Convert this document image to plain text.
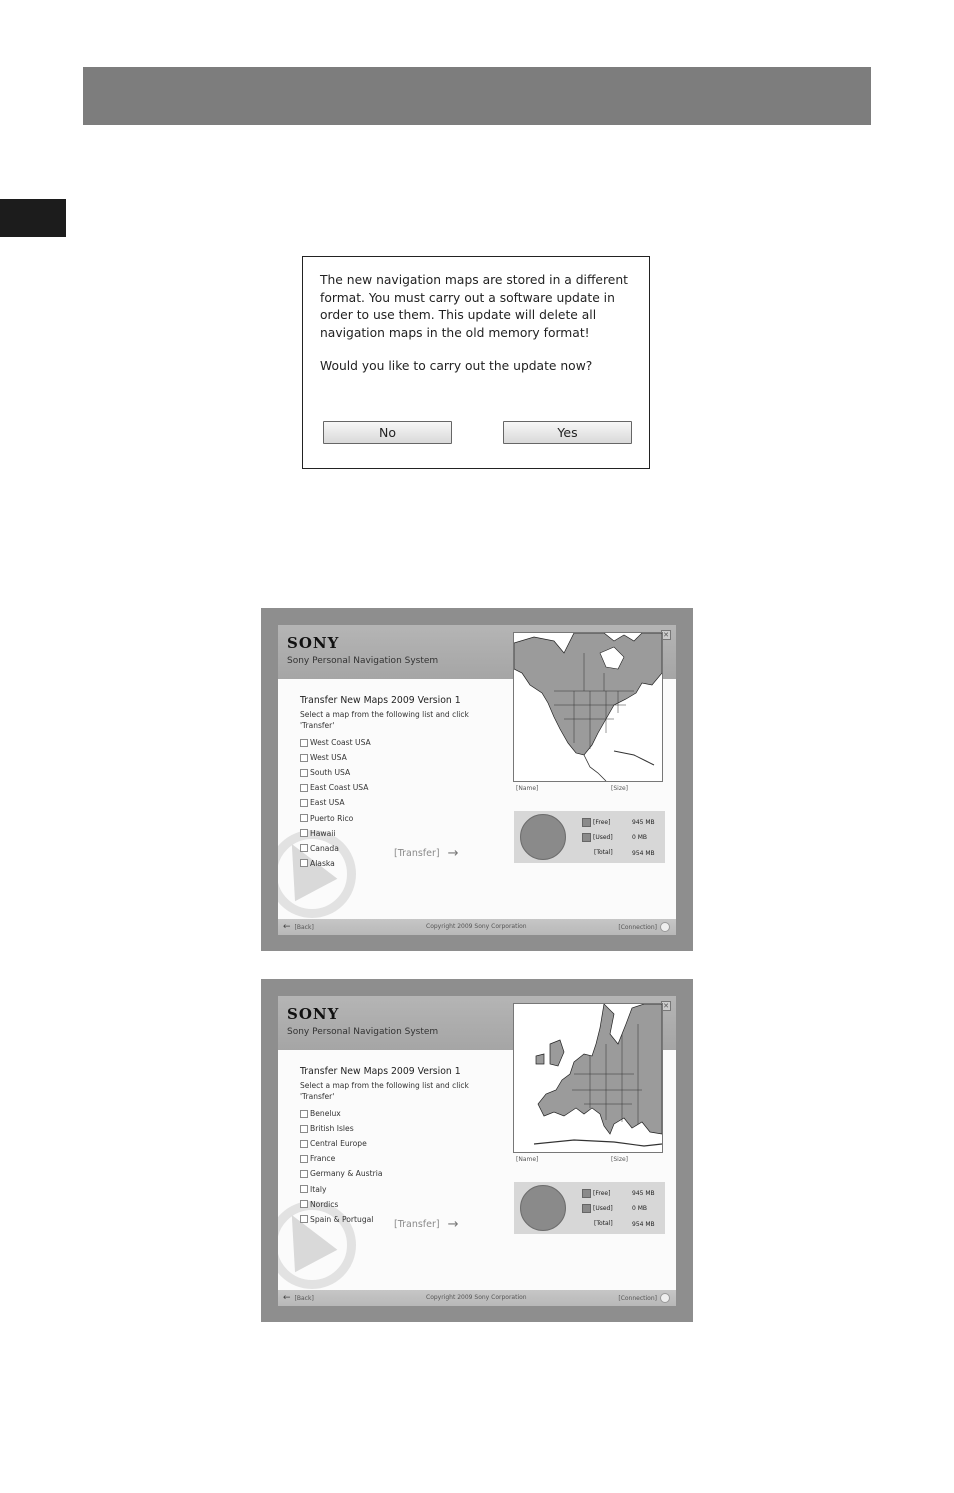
The new navigation maps are stored in a different format. You must carry out a software update in order to use them. This update will delete all navigation maps in the old memory format!
Would you like to carry out the update now?
No	Yes
SONY
Sony Personal Navigation System
✕
Transfer New Maps 2009 Version 1
Select a map from the following list and click 'Transfer'
West Coast USA
West USA
South USA
East Coast USA
East USA
Puerto Rico
Hawaii
Canada
Alaska
[Name]	[Size]
[Free]	945 MB
[Used]	0 MB
[Total]	954 MB
[Transfer] →
← [Back]	Copyright 2009 Sony Corporation	[Connection]
SONY
Sony Personal Navigation System
✕
Transfer New Maps 2009 Version 1
Select a map from the following list and click 'Transfer'
Benelux
British Isles
Central Europe
France
Germany & Austria
Italy
Nordics
Spain & Portugal
[Name]	[Size]
[Free]	945 MB
[Used]	0 MB
[Total]	954 MB
[Transfer] →
← [Back]	Copyright 2009 Sony Corporation	[Connection]
